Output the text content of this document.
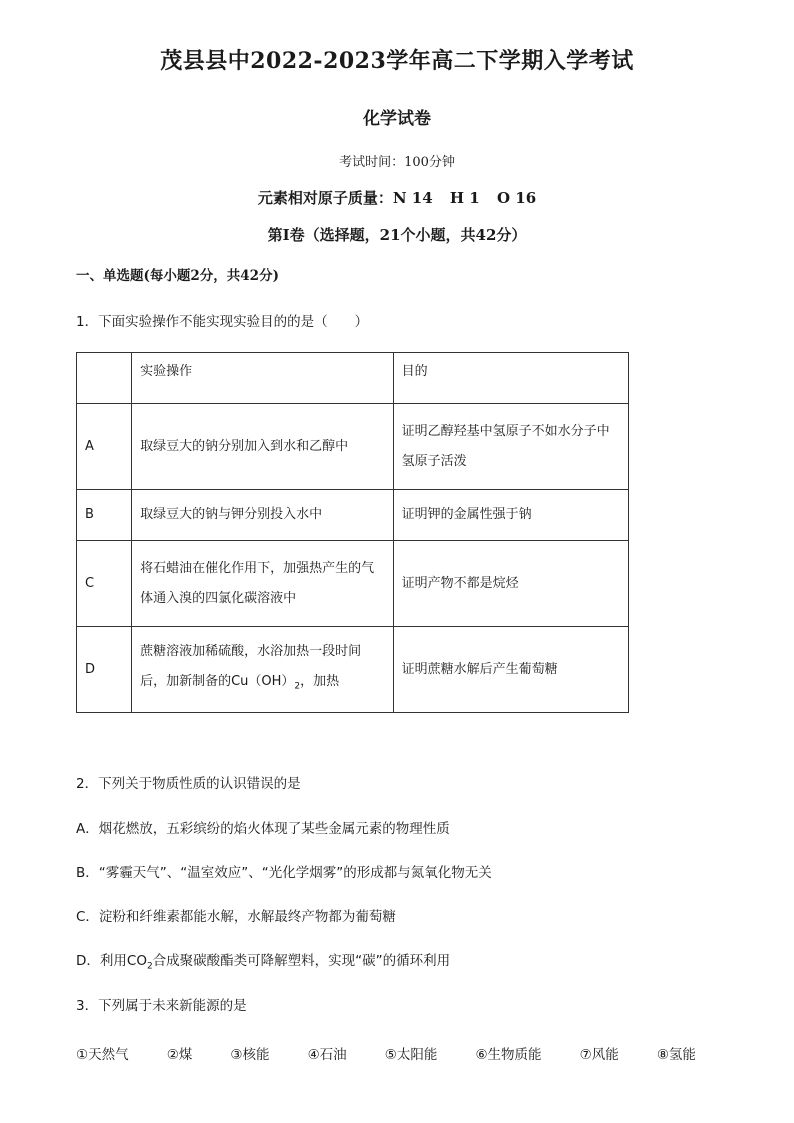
茂县县中2022-2023学年高二下学期入学考试
化学试卷
考试时间：100分钟
元素相对原子质量：N 14 H 1 O 16
第I卷（选择题，21个小题，共42分）
一、单选题(每小题2分，共42分)
1．下面实验操作不能实现实验目的的是（　　）
	实验操作	目的
A	取绿豆大的钠分别加入到水和乙醇中	证明乙醇羟基中氢原子不如水分子中氢原子活泼
B	取绿豆大的钠与钾分别投入水中	证明钾的金属性强于钠
C	将石蜡油在催化作用下，加强热产生的气体通入溴的四氯化碳溶液中	证明产物不都是烷烃
D	蔗糖溶液加稀硫酸，水浴加热一段时间后，加新制备的$Cu(OH)_2$，加热	证明蔗糖水解后产生葡萄糖
2．下列关于物质性质的认识错误的是
A．烟花燃放，五彩缤纷的焰火体现了某些金属元素的物理性质
B．“雾霾天气”、“温室效应”、“光化学烟雾”的形成都与氮氧化物无关
C．淀粉和纤维素都能水解，水解最终产物都为葡萄糖
D．利用$CO_2$合成聚碳酸酯类可降解塑料，实现“碳”的循环利用
3．下列属于未来新能源的是
①天然气	②煤	③核能	④石油	⑤太阳能	⑥生物质能	⑦风能	⑧氢能
